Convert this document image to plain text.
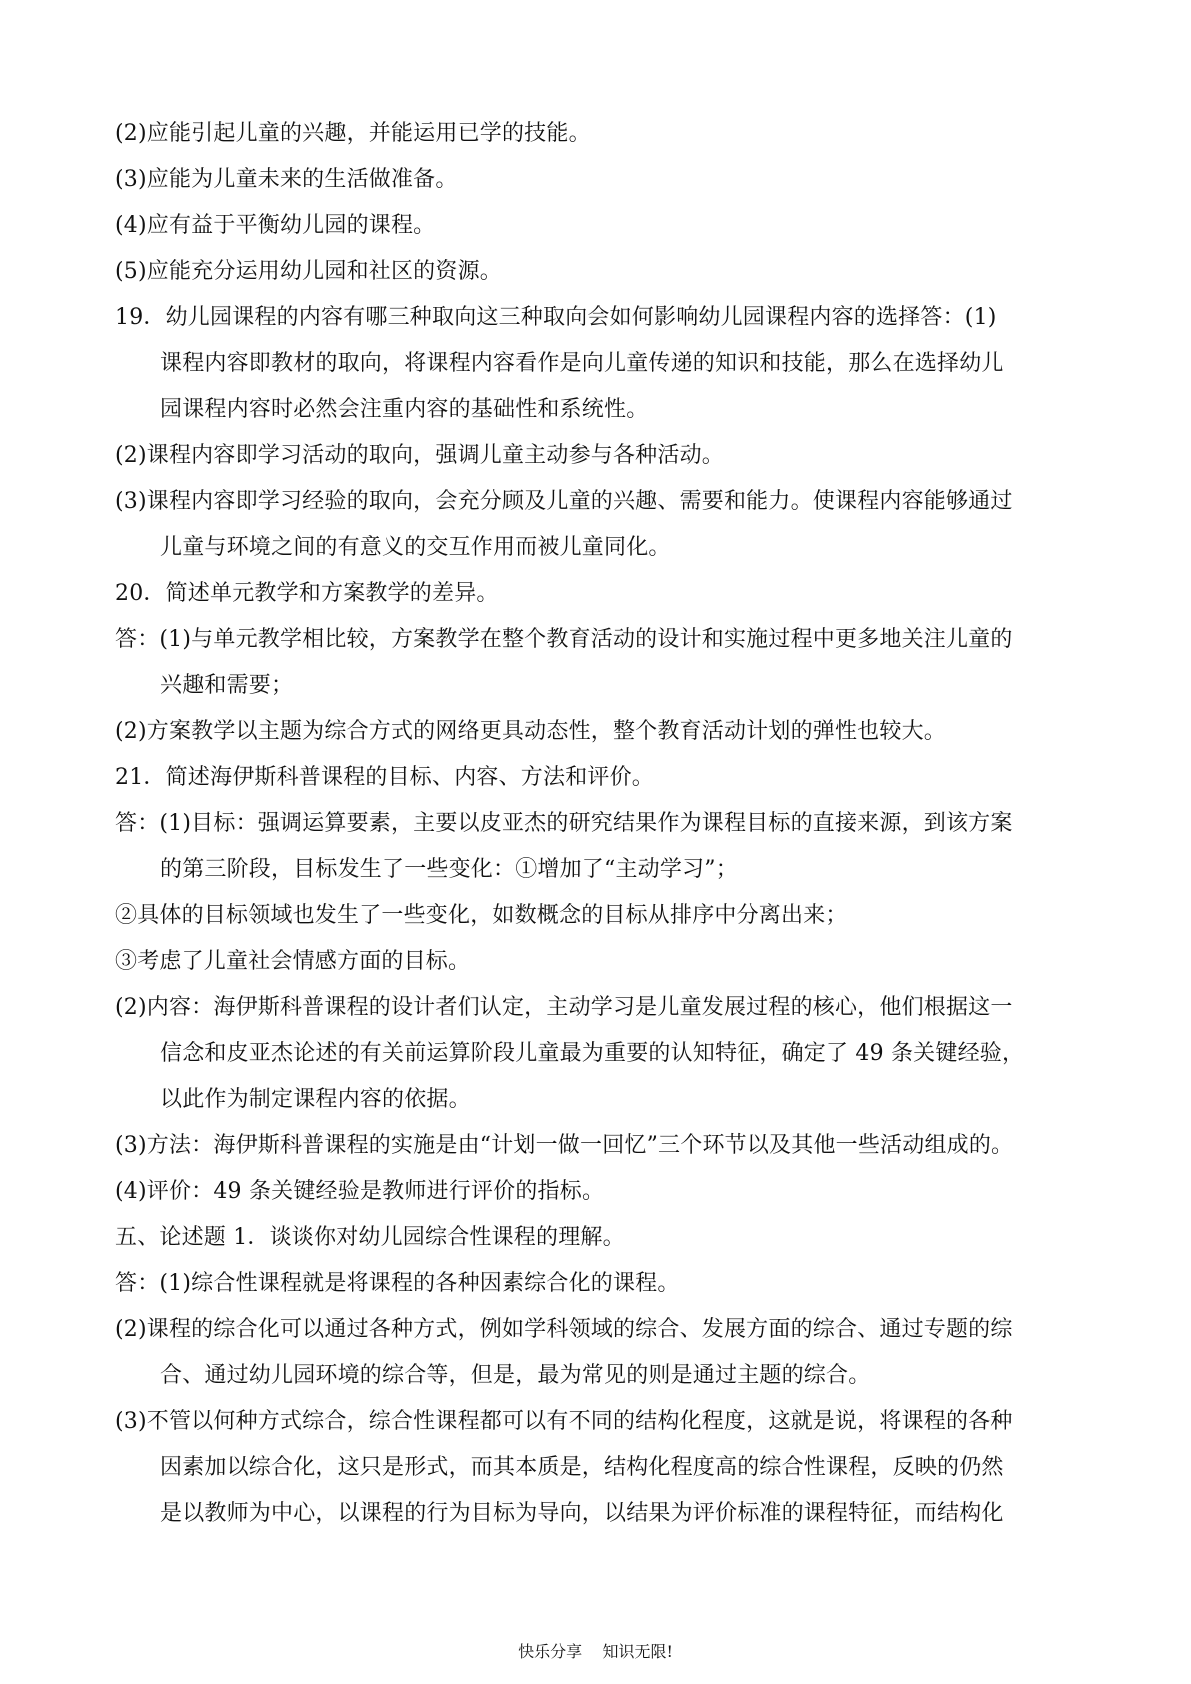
(2)应能引起儿童的兴趣，并能运用已学的技能。
(3)应能为儿童未来的生活做准备。
(4)应有益于平衡幼儿园的课程。
(5)应能充分运用幼儿园和社区的资源。
19．幼儿园课程的内容有哪三种取向这三种取向会如何影响幼儿园课程内容的选择答：(1)
课程内容即教材的取向，将课程内容看作是向儿童传递的知识和技能，那么在选择幼儿
园课程内容时必然会注重内容的基础性和系统性。
(2)课程内容即学习活动的取向，强调儿童主动参与各种活动。
(3)课程内容即学习经验的取向，会充分顾及儿童的兴趣、需要和能力。使课程内容能够通过
儿童与环境之间的有意义的交互作用而被儿童同化。
20．简述单元教学和方案教学的差异。
答：(1)与单元教学相比较，方案教学在整个教育活动的设计和实施过程中更多地关注儿童的
兴趣和需要；
(2)方案教学以主题为综合方式的网络更具动态性，整个教育活动计划的弹性也较大。
21．简述海伊斯科普课程的目标、内容、方法和评价。
答：(1)目标：强调运算要素，主要以皮亚杰的研究结果作为课程目标的直接来源，到该方案
的第三阶段，目标发生了一些变化：①增加了“主动学习”；
②具体的目标领域也发生了一些变化，如数概念的目标从排序中分离出来；
③考虑了儿童社会情感方面的目标。
(2)内容：海伊斯科普课程的设计者们认定，主动学习是儿童发展过程的核心，他们根据这一
信念和皮亚杰论述的有关前运算阶段儿童最为重要的认知特征，确定了 49 条关键经验，
以此作为制定课程内容的依据。
(3)方法：海伊斯科普课程的实施是由“计划一做一回忆”三个环节以及其他一些活动组成的。
(4)评价：49 条关键经验是教师进行评价的指标。
五、论述题 1．谈谈你对幼儿园综合性课程的理解。
答：(1)综合性课程就是将课程的各种因素综合化的课程。
(2)课程的综合化可以通过各种方式，例如学科领域的综合、发展方面的综合、通过专题的综
合、通过幼儿园环境的综合等，但是，最为常见的则是通过主题的综合。
(3)不管以何种方式综合，综合性课程都可以有不同的结构化程度，这就是说，将课程的各种
因素加以综合化，这只是形式，而其本质是，结构化程度高的综合性课程，反映的仍然
是以教师为中心，以课程的行为目标为导向，以结果为评价标准的课程特征，而结构化
快乐分享    知识无限!
